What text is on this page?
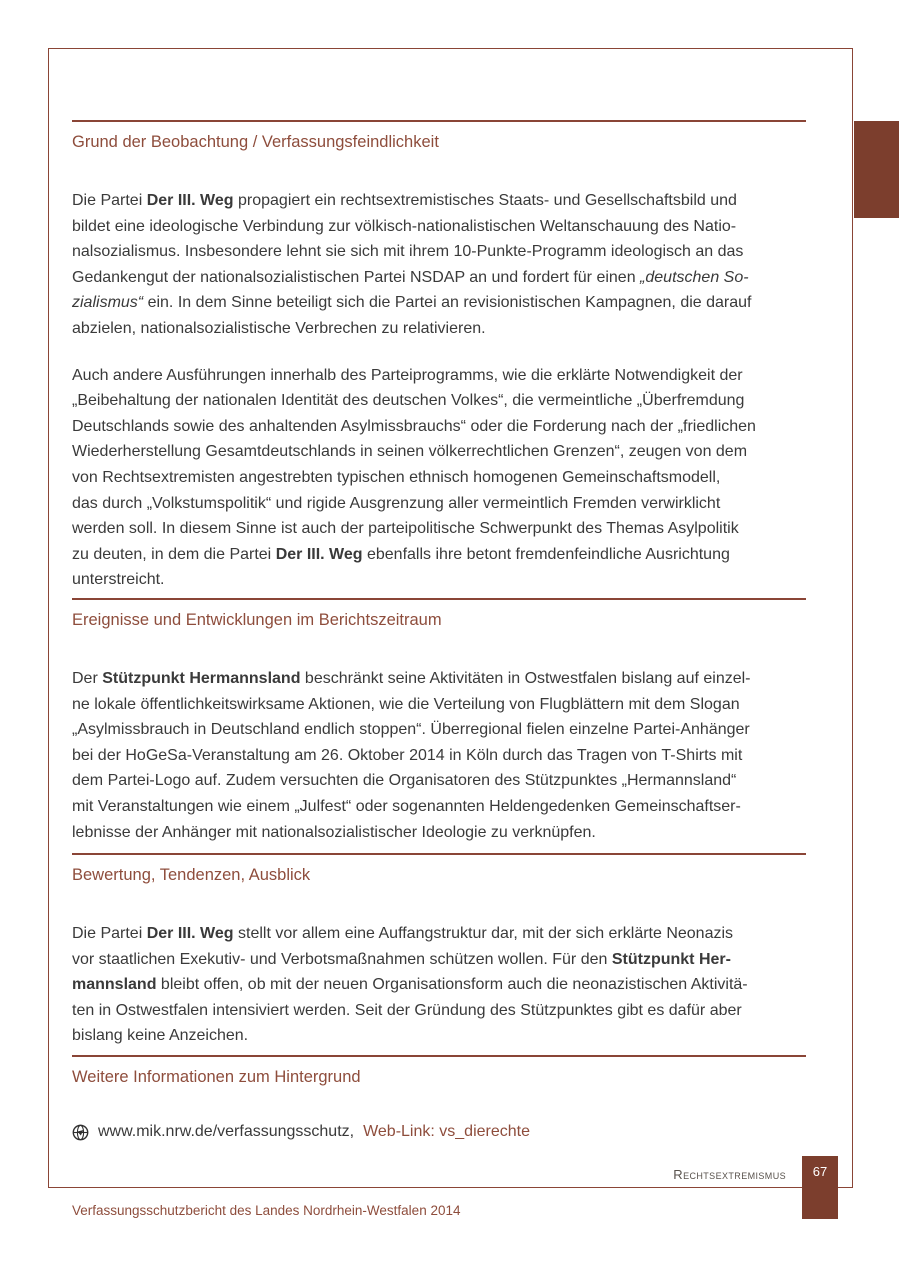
Grund der Beobachtung / Verfassungsfeindlichkeit
Die Partei Der III. Weg propagiert ein rechtsextremistisches Staats- und Gesellschaftsbild und
bildet eine ideologische Verbindung zur völkisch-nationalistischen Weltanschauung des Natio-
nalsozialismus. Insbesondere lehnt sie sich mit ihrem 10-Punkte-Programm ideologisch an das
Gedankengut der nationalsozialistischen Partei NSDAP an und fordert für einen „deutschen So-
zialismus“ ein. In dem Sinne beteiligt sich die Partei an revisionistischen Kampagnen, die darauf
abzielen, nationalsozialistische Verbrechen zu relativieren.
Auch andere Ausführungen innerhalb des Parteiprogramms, wie die erklärte Notwendigkeit der
„Beibehaltung der nationalen Identität des deutschen Volkes“, die vermeintliche „Überfremdung
Deutschlands sowie des anhaltenden Asylmissbrauchs“ oder die Forderung nach der „friedlichen
Wiederherstellung Gesamtdeutschlands in seinen völkerrechtlichen Grenzen“, zeugen von dem
von Rechtsextremisten angestrebten typischen ethnisch homogenen Gemeinschaftsmodell,
das durch „Volkstumspolitik“ und rigide Ausgrenzung aller vermeintlich Fremden verwirklicht
werden soll. In diesem Sinne ist auch der parteipolitische Schwerpunkt des Themas Asylpolitik
zu deuten, in dem die Partei Der III. Weg ebenfalls ihre betont fremdenfeindliche Ausrichtung
unterstreicht.
Ereignisse und Entwicklungen im Berichtszeitraum
Der Stützpunkt Hermannsland beschränkt seine Aktivitäten in Ostwestfalen bislang auf einzel-
ne lokale öffentlichkeitswirksame Aktionen, wie die Verteilung von Flugblättern mit dem Slogan
„Asylmissbrauch in Deutschland endlich stoppen“. Überregional fielen einzelne Partei-Anhänger
bei der HoGeSa-Veranstaltung am 26. Oktober 2014 in Köln durch das Tragen von T-Shirts mit
dem Partei-Logo auf. Zudem versuchten die Organisatoren des Stützpunktes „Hermannsland“
mit Veranstaltungen wie einem „Julfest“ oder sogenannten Heldengedenken Gemeinschaftser-
lebnisse der Anhänger mit nationalsozialistischer Ideologie zu verknüpfen.
Bewertung, Tendenzen, Ausblick
Die Partei Der III. Weg stellt vor allem eine Auffangstruktur dar, mit der sich erklärte Neonazis
vor staatlichen Exekutiv- und Verbotsmaßnahmen schützen wollen. Für den Stützpunkt Her-
mannsland bleibt offen, ob mit der neuen Organisationsform auch die neonazistischen Aktivitä-
ten in Ostwestfalen intensiviert werden. Seit der Gründung des Stützpunktes gibt es dafür aber
bislang keine Anzeichen.
Weitere Informationen zum Hintergrund
www.mik.nrw.de/verfassungsschutz, Web-Link: vs_dierechte
Rechtsextremismus	67
Verfassungsschutzbericht des Landes Nordrhein-Westfalen 2014
